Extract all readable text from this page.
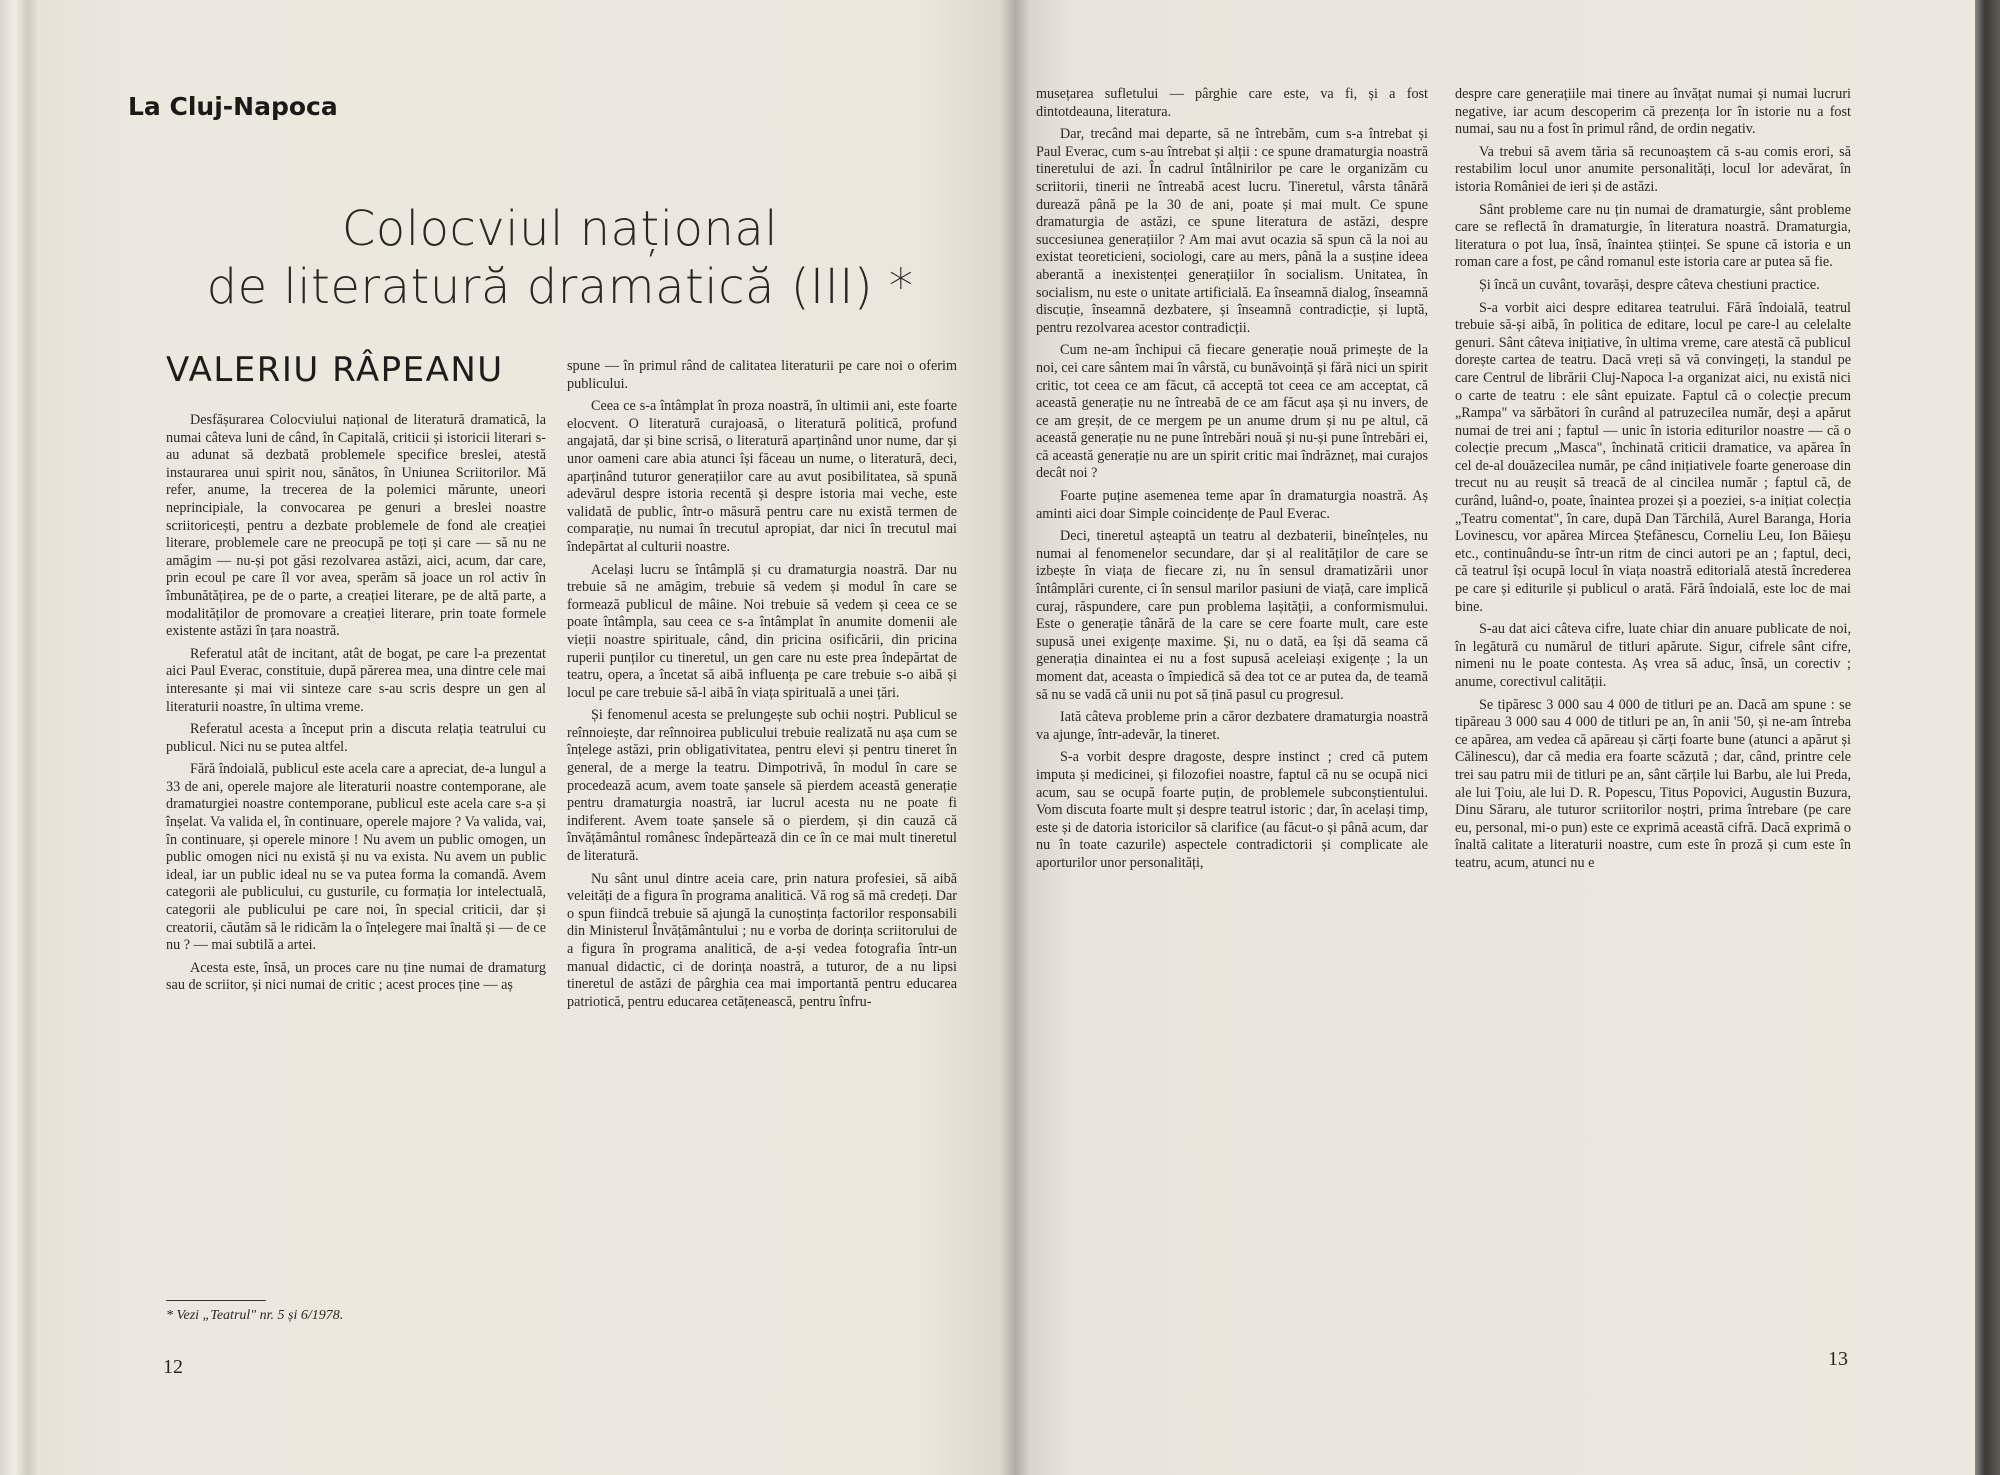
La Cluj-Napoca
Colocviul național
de literatură dramatică (III) *
VALERIU RÂPEANU

Desfășurarea Colocviului național de literatură dramatică, la numai câteva luni de când, în Capitală, criticii și istoricii literari s-au adunat să dezbată problemele specifice breslei, atestă instaurarea unui spirit nou, sănătos, în Uniunea Scriitorilor. Mă refer, anume, la trecerea de la polemici mărunte, uneori neprincipiale, la convocarea pe genuri a breslei noastre scriitoricești, pentru a dezbate problemele de fond ale creației literare, problemele care ne preocupă pe toți și care — să nu ne amăgim — nu-și pot găsi rezolvarea astăzi, aici, acum, dar care, prin ecoul pe care îl vor avea, sperăm să joace un rol activ în îmbunătățirea, pe de o parte, a creației literare, pe de altă parte, a modalităților de promovare a creației literare, prin toate formele existente astăzi în țara noastră.

Referatul atât de incitant, atât de bogat, pe care l-a prezentat aici Paul Everac, constituie, după părerea mea, una dintre cele mai interesante și mai vii sinteze care s-au scris despre un gen al literaturii noastre, în ultima vreme.

Referatul acesta a început prin a discuta relația teatrului cu publicul. Nici nu se putea altfel.

Fără îndoială, publicul este acela care a apreciat, de-a lungul a 33 de ani, operele majore ale literaturii noastre contemporane, ale dramaturgiei noastre contemporane, publicul este acela care s-a și înșelat. Va valida el, în continuare, operele majore ? Va valida, vai, în continuare, și operele minore ! Nu avem un public omogen, un public omogen nici nu există și nu va exista. Nu avem un public ideal, iar un public ideal nu se va putea forma la comandă. Avem categorii ale publicului, cu gusturile, cu formația lor intelectuală, categorii ale publicului pe care noi, în special criticii, dar și creatorii, căutăm să le ridicăm la o înțelegere mai înaltă și — de ce nu ? — mai subtilă a artei.

Acesta este, însă, un proces care nu ține numai de dramaturg sau de scriitor, și nici numai de critic ; acest proces ține — aș

spune — în primul rând de calitatea literaturii pe care noi o oferim publicului.

Ceea ce s-a întâmplat în proza noastră, în ultimii ani, este foarte elocvent. O literatură curajoasă, o literatură politică, profund angajată, dar și bine scrisă, o literatură aparținând unor nume, dar și unor oameni care abia atunci își făceau un nume, o literatură, deci, aparținând tuturor generațiilor care au avut posibilitatea, să spună adevărul despre istoria recentă și despre istoria mai veche, este validată de public, într-o măsură pentru care nu există termen de comparație, nu numai în trecutul apropiat, dar nici în trecutul mai îndepărtat al culturii noastre.

Același lucru se întâmplă și cu dramaturgia noastră. Dar nu trebuie să ne amăgim, trebuie să vedem și modul în care se formează publicul de mâine. Noi trebuie să vedem și ceea ce se poate întâmpla, sau ceea ce s-a întâmplat în anumite domenii ale vieții noastre spirituale, când, din pricina osificării, din pricina ruperii punților cu tineretul, un gen care nu este prea îndepărtat de teatru, opera, a încetat să aibă influența pe care trebuie s-o aibă și locul pe care trebuie să-l aibă în viața spirituală a unei țări.

Și fenomenul acesta se prelungește sub ochii noștri. Publicul se reînnoiește, dar reînnoirea publicului trebuie realizată nu așa cum se înțelege astăzi, prin obligativitatea, pentru elevi și pentru tineret în general, de a merge la teatru. Dimpotrivă, în modul în care se procedează acum, avem toate șansele să pierdem această generație pentru dramaturgia noastră, iar lucrul acesta nu ne poate fi indiferent. Avem toate șansele să o pierdem, și din cauză că învățământul românesc îndepărtează din ce în ce mai mult tineretul de literatură.

Nu sânt unul dintre aceia care, prin natura profesiei, să aibă veleități de a figura în programa analitică. Vă rog să mă credeți. Dar o spun fiindcă trebuie să ajungă la cunoștința factorilor responsabili din Ministerul Învățământului ; nu e vorba de dorința scriitorului de a figura în programa analitică, de a-și vedea fotografia într-un manual didactic, ci de dorința noastră, a tuturor, de a nu lipsi tineretul de astăzi de pârghia cea mai importantă pentru educarea patriotică, pentru educarea cetățenească, pentru înfru-

* Vezi „Teatrul" nr. 5 și 6/1978.
12

musețarea sufletului — pârghie care este, va fi, și a fost dintotdeauna, literatura.

Dar, trecând mai departe, să ne întrebăm, cum s-a întrebat și Paul Everac, cum s-au întrebat și alții : ce spune dramaturgia noastră tineretului de azi. În cadrul întâlnirilor pe care le organizăm cu scriitorii, tinerii ne întreabă acest lucru. Tineretul, vârsta tânără durează până pe la 30 de ani, poate și mai mult. Ce spune dramaturgia de astăzi, ce spune literatura de astăzi, despre succesiunea generațiilor ? Am mai avut ocazia să spun că la noi au existat teoreticieni, sociologi, care au mers, până la a susține ideea aberantă a inexistenței generațiilor în socialism. Unitatea, în socialism, nu este o unitate artificială. Ea înseamnă dialog, înseamnă discuție, înseamnă dezbatere, și înseamnă contradicție, și luptă, pentru rezolvarea acestor contradicții.

Cum ne-am închipui că fiecare generație nouă primește de la noi, cei care sântem mai în vârstă, cu bunăvoință și fără nici un spirit critic, tot ceea ce am făcut, că acceptă tot ceea ce am acceptat, că această generație nu ne întreabă de ce am făcut așa și nu invers, de ce am greșit, de ce mergem pe un anume drum și nu pe altul, că această generație nu ne pune întrebări nouă și nu-și pune întrebări ei, că această generație nu are un spirit critic mai îndrăzneț, mai curajos decât noi ?

Foarte puține asemenea teme apar în dramaturgia noastră. Aș aminti aici doar Simple coincidențe de Paul Everac.

Deci, tineretul așteaptă un teatru al dezbaterii, bineînțeles, nu numai al fenomenelor secundare, dar și al realităților de care se izbește în viața de fiecare zi, nu în sensul dramatizării unor întâmplări curente, ci în sensul marilor pasiuni de viață, care implică curaj, răspundere, care pun problema lașității, a conformismului. Este o generație tânără de la care se cere foarte mult, care este supusă unei exigențe maxime. Și, nu o dată, ea își dă seama că generația dinaintea ei nu a fost supusă aceleiași exigențe ; la un moment dat, aceasta o împiedică să dea tot ce ar putea da, de teamă să nu se vadă că unii nu pot să țină pasul cu progresul.

Iată câteva probleme prin a căror dezbatere dramaturgia noastră va ajunge, într-adevăr, la tineret.

S-a vorbit despre dragoste, despre instinct ; cred că putem imputa și medicinei, și filozofiei noastre, faptul că nu se ocupă nici acum, sau se ocupă foarte puțin, de problemele subconștientului. Vom discuta foarte mult și despre teatrul istoric ; dar, în același timp, este și de datoria istoricilor să clarifice (au făcut-o și până acum, dar nu în toate cazurile) aspectele contradictorii și complicate ale aporturilor unor personalități,

despre care generațiile mai tinere au învățat numai și numai lucruri negative, iar acum descoperim că prezența lor în istorie nu a fost numai, sau nu a fost în primul rând, de ordin negativ.

Va trebui să avem tăria să recunoaștem că s-au comis erori, să restabilim locul unor anumite personalități, locul lor adevărat, în istoria României de ieri și de astăzi.

Sânt probleme care nu țin numai de dramaturgie, sânt probleme care se reflectă în dramaturgie, în literatura noastră. Dramaturgia, literatura o pot lua, însă, înaintea științei. Se spune că istoria e un roman care a fost, pe când romanul este istoria care ar putea să fie.

Și încă un cuvânt, tovarăși, despre câteva chestiuni practice.

S-a vorbit aici despre editarea teatrului. Fără îndoială, teatrul trebuie să-și aibă, în politica de editare, locul pe care-l au celelalte genuri. Sânt câteva inițiative, în ultima vreme, care atestă că publicul dorește cartea de teatru. Dacă vreți să vă convingeți, la standul pe care Centrul de librării Cluj-Napoca l-a organizat aici, nu există nici o carte de teatru : ele sânt epuizate. Faptul că o colecție precum „Rampa" va sărbători în curând al patruzecilea număr, deși a apărut numai de trei ani ; faptul — unic în istoria editurilor noastre — că o colecție precum „Masca", închinată criticii dramatice, va apărea în cel de-al douăzecilea număr, pe când inițiativele foarte generoase din trecut nu au reușit să treacă de al cincilea număr ; faptul că, de curând, luând-o, poate, înaintea prozei și a poeziei, s-a inițiat colecția „Teatru comentat", în care, după Dan Tărchilă, Aurel Baranga, Horia Lovinescu, vor apărea Mircea Ștefănescu, Corneliu Leu, Ion Băieșu etc., continuându-se într-un ritm de cinci autori pe an ; faptul, deci, că teatrul își ocupă locul în viața noastră editorială atestă încrederea pe care și editurile și publicul o arată. Fără îndoială, este loc de mai bine.

S-au dat aici câteva cifre, luate chiar din anuare publicate de noi, în legătură cu numărul de titluri apărute. Sigur, cifrele sânt cifre, nimeni nu le poate contesta. Aș vrea să aduc, însă, un corectiv ; anume, corectivul calității.

Se tipăresc 3 000 sau 4 000 de titluri pe an. Dacă am spune : se tipăreau 3 000 sau 4 000 de titluri pe an, în anii '50, și ne-am întreba ce apărea, am vedea că apăreau și cărți foarte bune (atunci a apărut și Călinescu), dar că media era foarte scăzută ; dar, când, printre cele trei sau patru mii de titluri pe an, sânt cărțile lui Barbu, ale lui Preda, ale lui Țoiu, ale lui D. R. Popescu, Titus Popovici, Augustin Buzura, Dinu Săraru, ale tuturor scriitorilor noștri, prima întrebare (pe care eu, personal, mi-o pun) este ce exprimă această cifră. Dacă exprimă o înaltă calitate a literaturii noastre, cum este în proză și cum este în teatru, acum, atunci nu e

13
